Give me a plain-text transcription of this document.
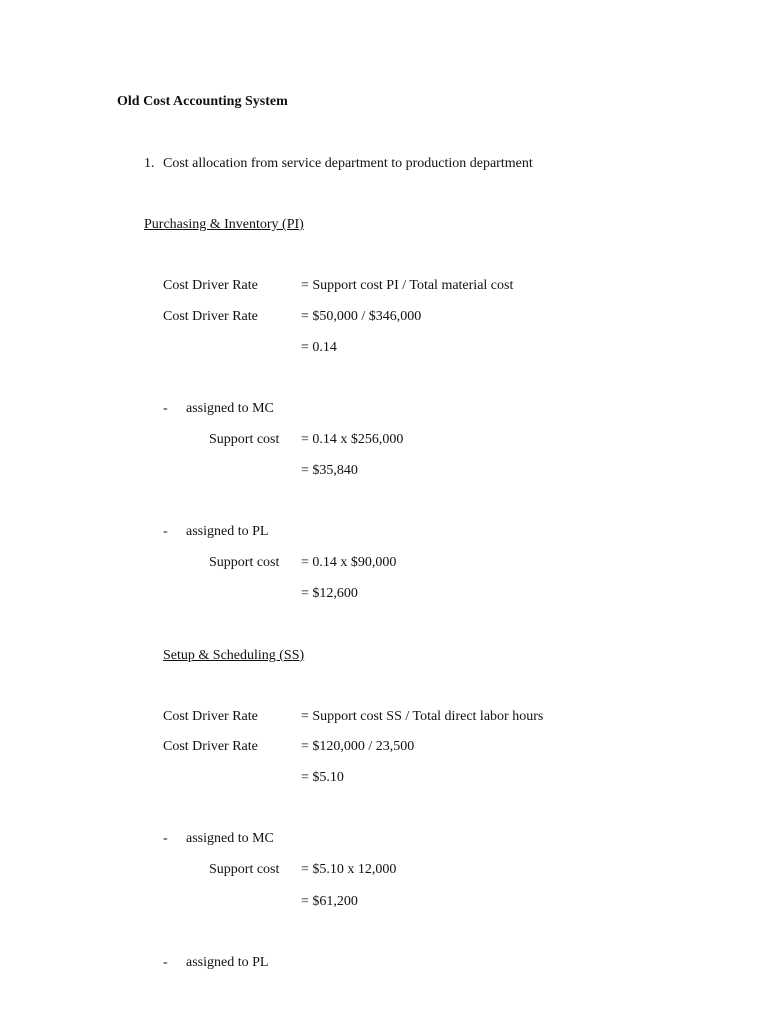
Old Cost Accounting System
1. Cost allocation from service department to production department
Purchasing & Inventory (PI)
Cost Driver Rate	= Support cost PI / Total material cost
Cost Driver Rate	= $50,000 / $346,000
= 0.14
- assigned to MC
Support cost = 0.14 x $256,000
= $35,840
- assigned to PL
Support cost = 0.14 x $90,000
= $12,600
Setup & Scheduling (SS)
Cost Driver Rate	= Support cost SS / Total direct labor hours
Cost Driver Rate	= $120,000 / 23,500
= $5.10
- assigned to MC
Support cost = $5.10 x 12,000
= $61,200
- assigned to PL
